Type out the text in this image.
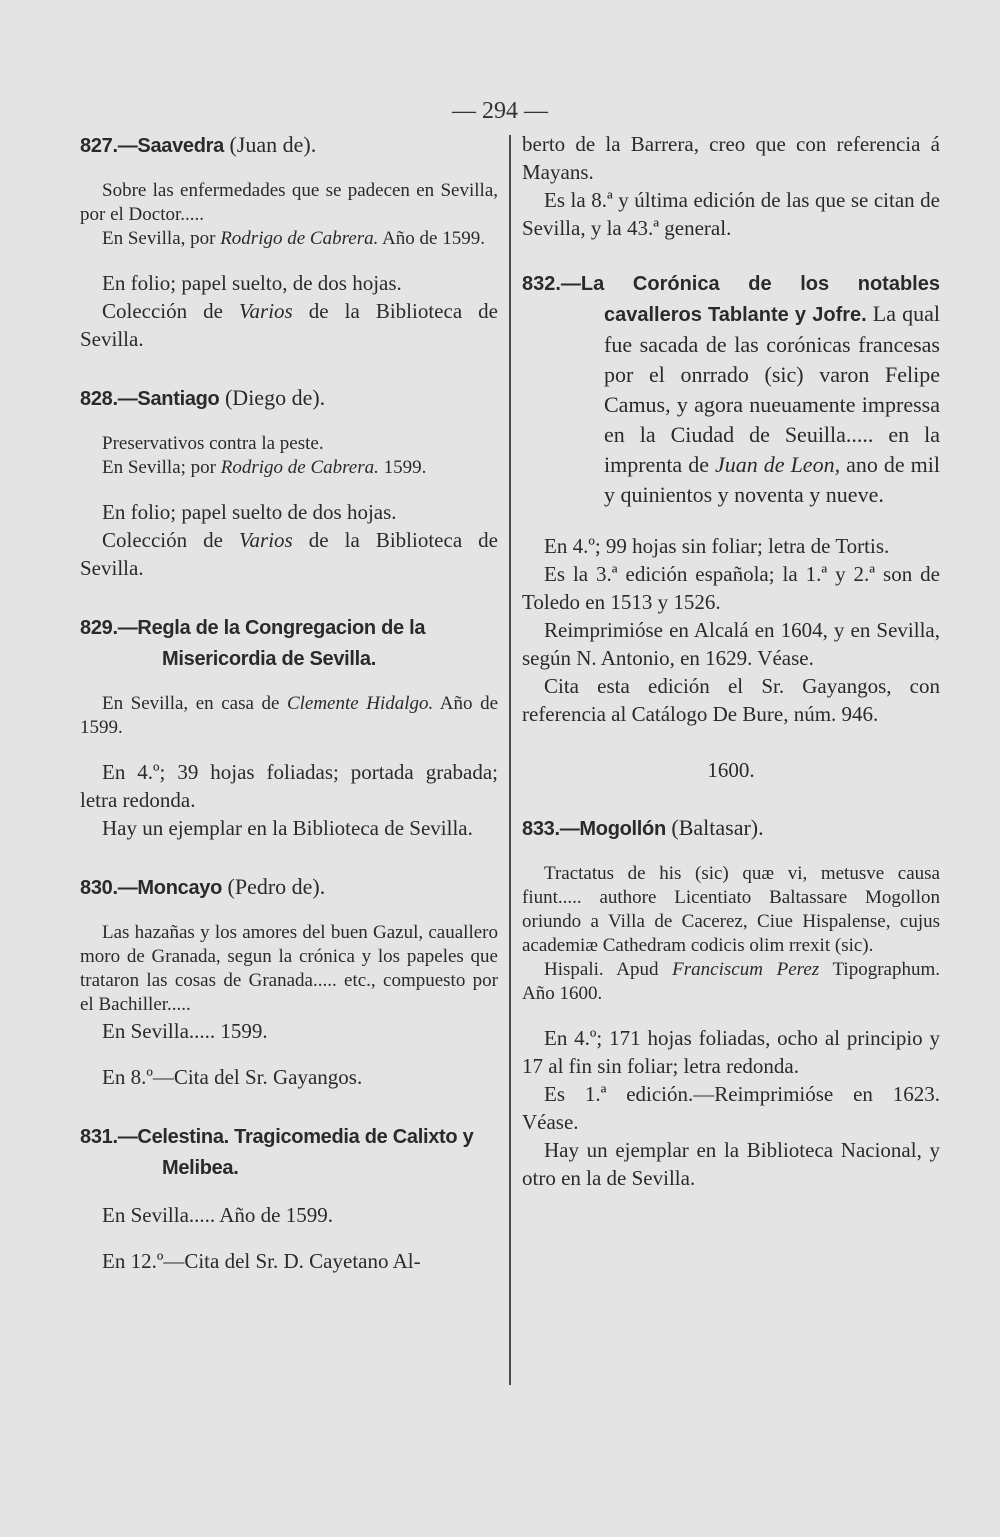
— 294 —
827.—Saavedra (Juan de).

Sobre las enfermedades que se padecen en Sevilla, por el Doctor.....

En Sevilla, por Rodrigo de Cabrera. Año de 1599.

En folio; papel suelto, de dos hojas.

Colección de Varios de la Biblioteca de Sevilla.

828.—Santiago (Diego de).

Preservativos contra la peste.

En Sevilla; por Rodrigo de Cabrera. 1599.

En folio; papel suelto de dos hojas.

Colección de Varios de la Biblioteca de Sevilla.

829.—Regla de la Congregacion de la Misericordia de Sevilla.

En Sevilla, en casa de Clemente Hidalgo. Año de 1599.

En 4.º; 39 hojas foliadas; portada grabada; letra redonda.

Hay un ejemplar en la Biblioteca de Sevilla.

830.—Moncayo (Pedro de).

Las hazañas y los amores del buen Gazul, cauallero moro de Granada, segun la crónica y los papeles que trataron las cosas de Granada..... etc., compuesto por el Bachiller.....

En Sevilla..... 1599.

En 8.º—Cita del Sr. Gayangos.

831.—Celestina. Tragicomedia de Calixto y Melibea.

En Sevilla..... Año de 1599.

En 12.º—Cita del Sr. D. Cayetano Al-

berto de la Barrera, creo que con referencia á Mayans.

Es la 8.ª y última edición de las que se citan de Sevilla, y la 43.ª general.

832.—La Corónica de los notables cavalleros Tablante y Jofre. La qual fue sacada de las corónicas francesas por el onrrado (sic) varon Felipe Camus, y agora nueuamente impressa en la Ciudad de Seuilla..... en la imprenta de Juan de Leon, ano de mil y quinientos y noventa y nueve.

En 4.º; 99 hojas sin foliar; letra de Tortis.

Es la 3.ª edición española; la 1.ª y 2.ª son de Toledo en 1513 y 1526.

Reimprimióse en Alcalá en 1604, y en Sevilla, según N. Antonio, en 1629. Véase.

Cita esta edición el Sr. Gayangos, con referencia al Catálogo De Bure, núm. 946.

1600.
833.—Mogollón (Baltasar).

Tractatus de his (sic) quæ vi, metusve causa fiunt..... authore Licentiato Baltassare Mogollon oriundo a Villa de Cacerez, Ciue Hispalense, cujus academiæ Cathedram codicis olim rrexit (sic).

Hispali. Apud Franciscum Perez Tipographum. Año 1600.

En 4.º; 171 hojas foliadas, ocho al principio y 17 al fin sin foliar; letra redonda.

Es 1.ª edición.—Reimprimióse en 1623. Véase.

Hay un ejemplar en la Biblioteca Nacional, y otro en la de Sevilla.
